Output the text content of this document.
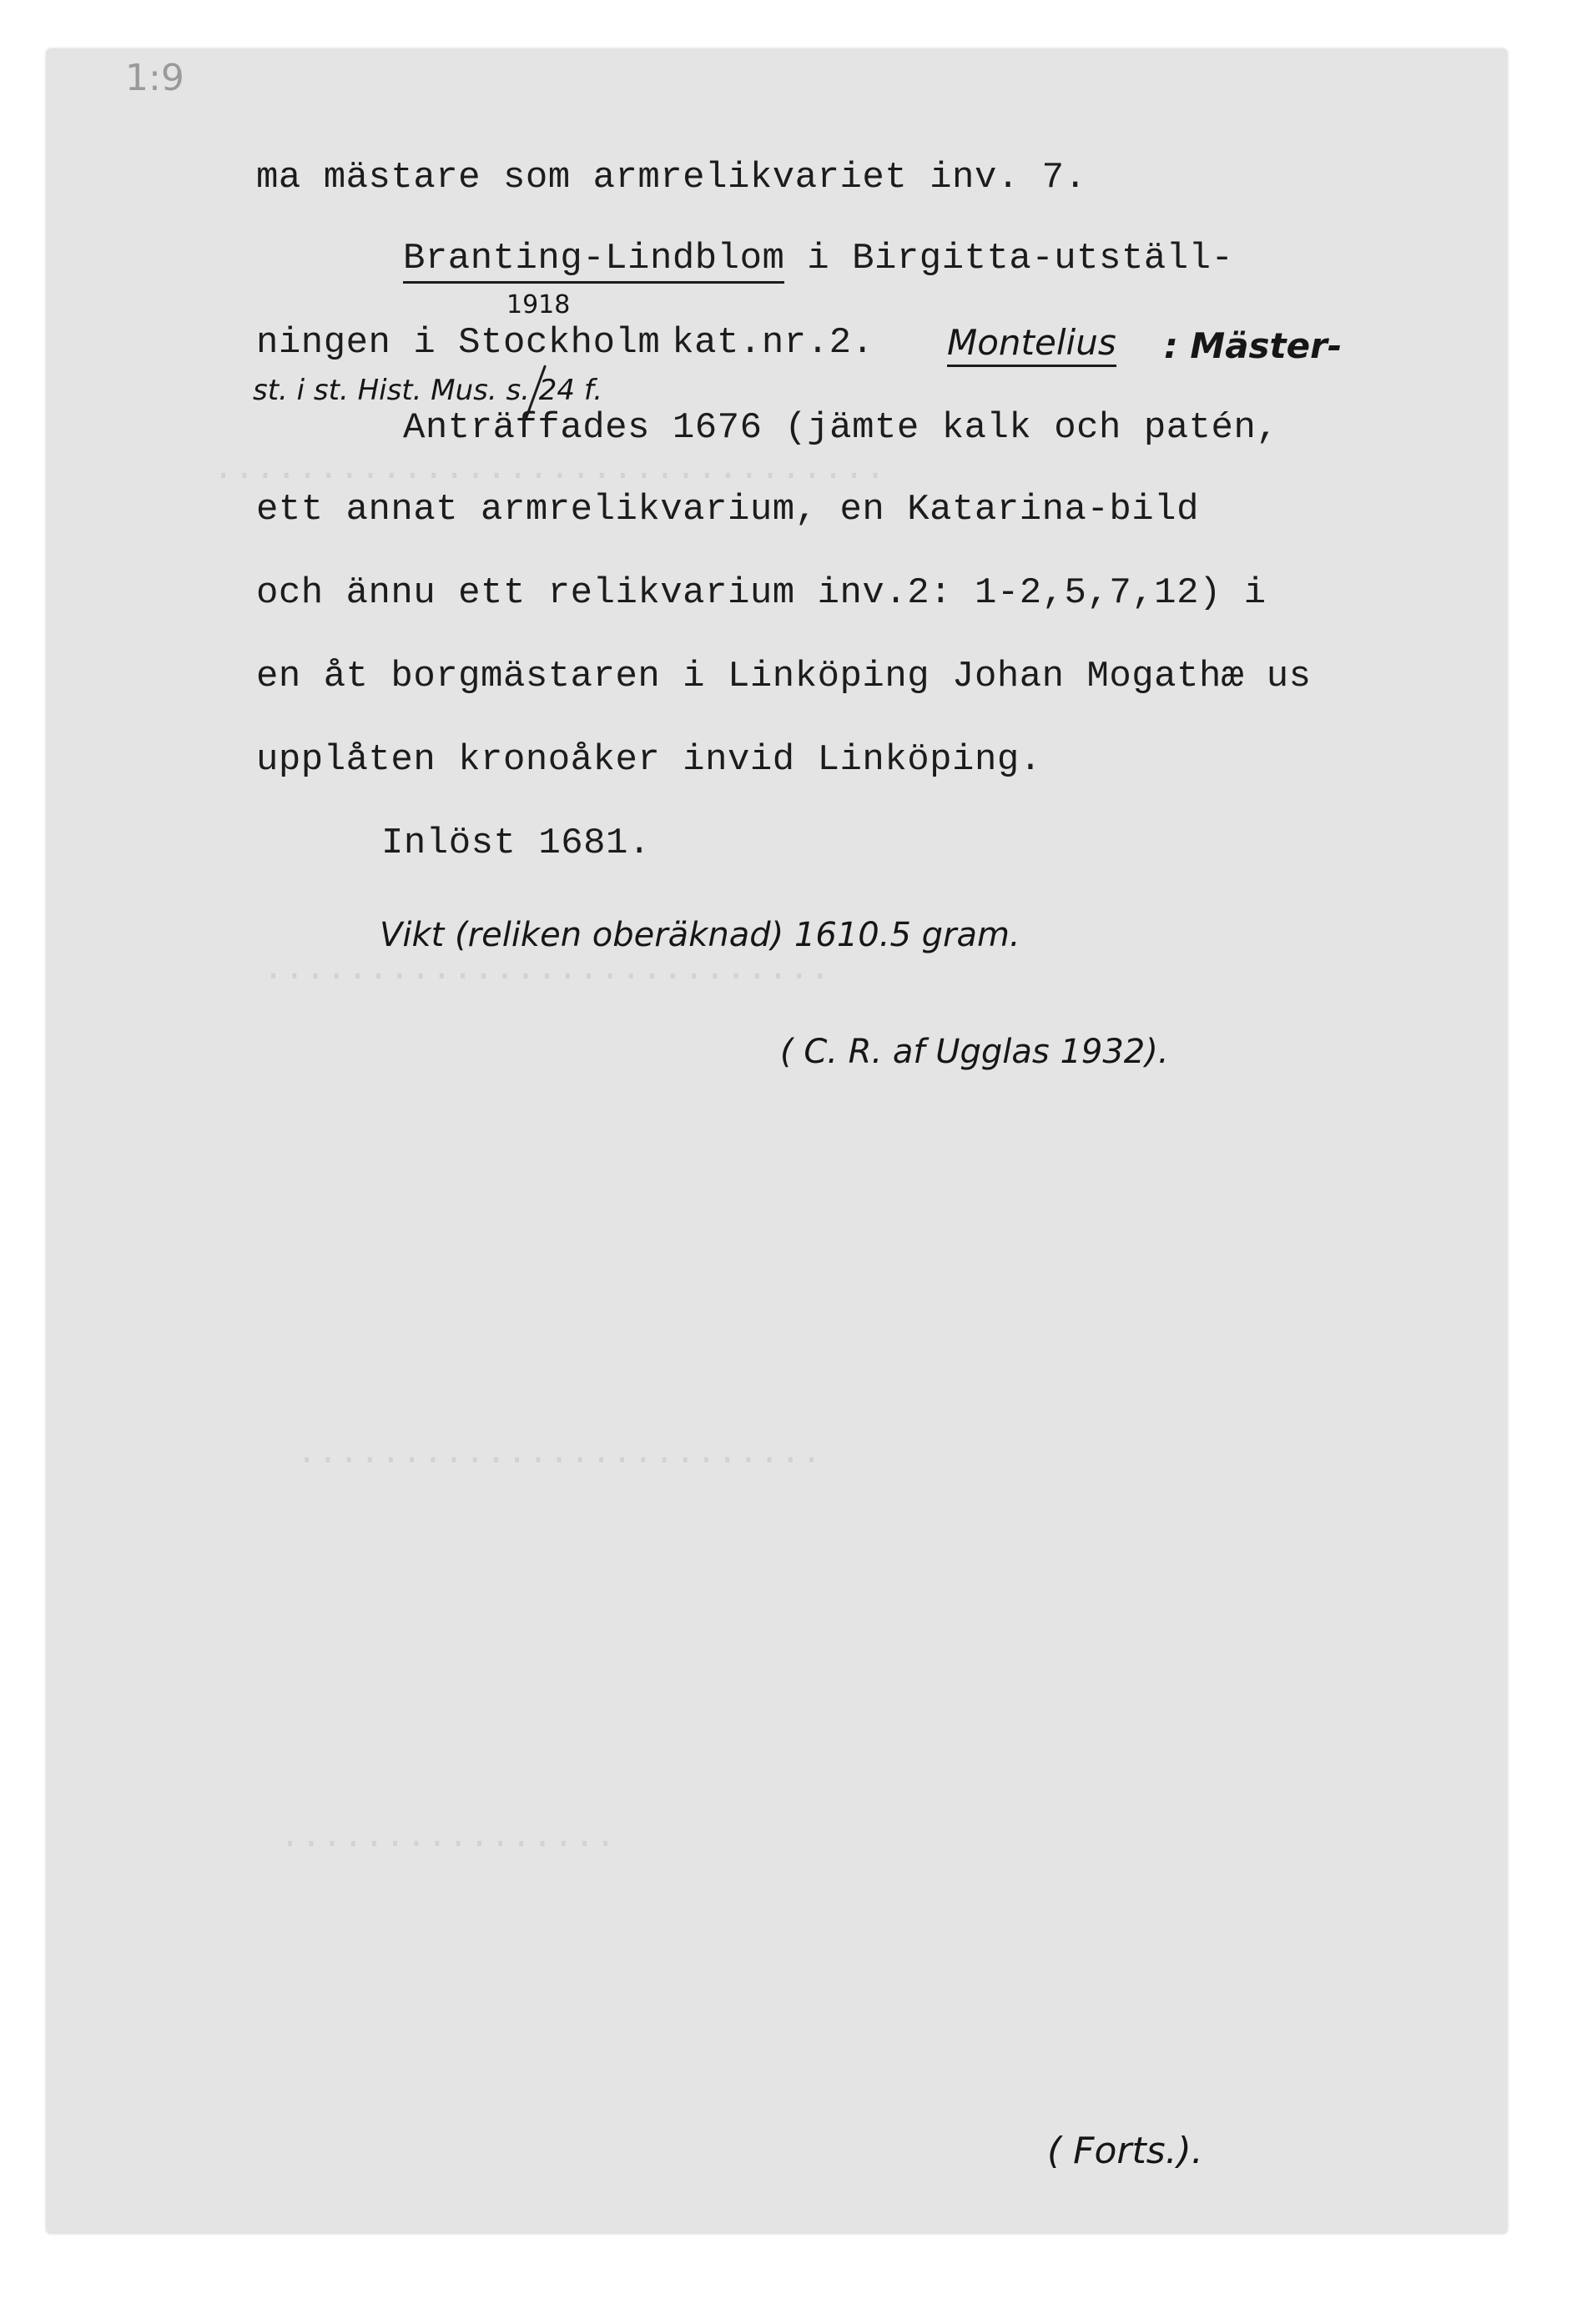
................................
...........................
.........................
................
1:9
ma mästare som armrelikvariet inv. 7.
Branting-Lindblom i Birgitta-utställ-
ningen i Stockholm kat.nr.2.
1918
Montelius : Mäster-
st. i st. Hist. Mus. s. 24 f.
Anträffades 1676 (jämte kalk och patén,
ett annat armrelikvarium, en Katarina-bild
och ännu ett relikvarium inv.2: 1-2,5,7,12) i
en åt borgmästaren i Linköping Johan Mogathæ us
upplåten kronoåker invid Linköping.
Inlöst 1681.
Vikt (reliken oberäknad) 1610.5 gram.
( C. R. af Ugglas 1932).
( Forts.).
